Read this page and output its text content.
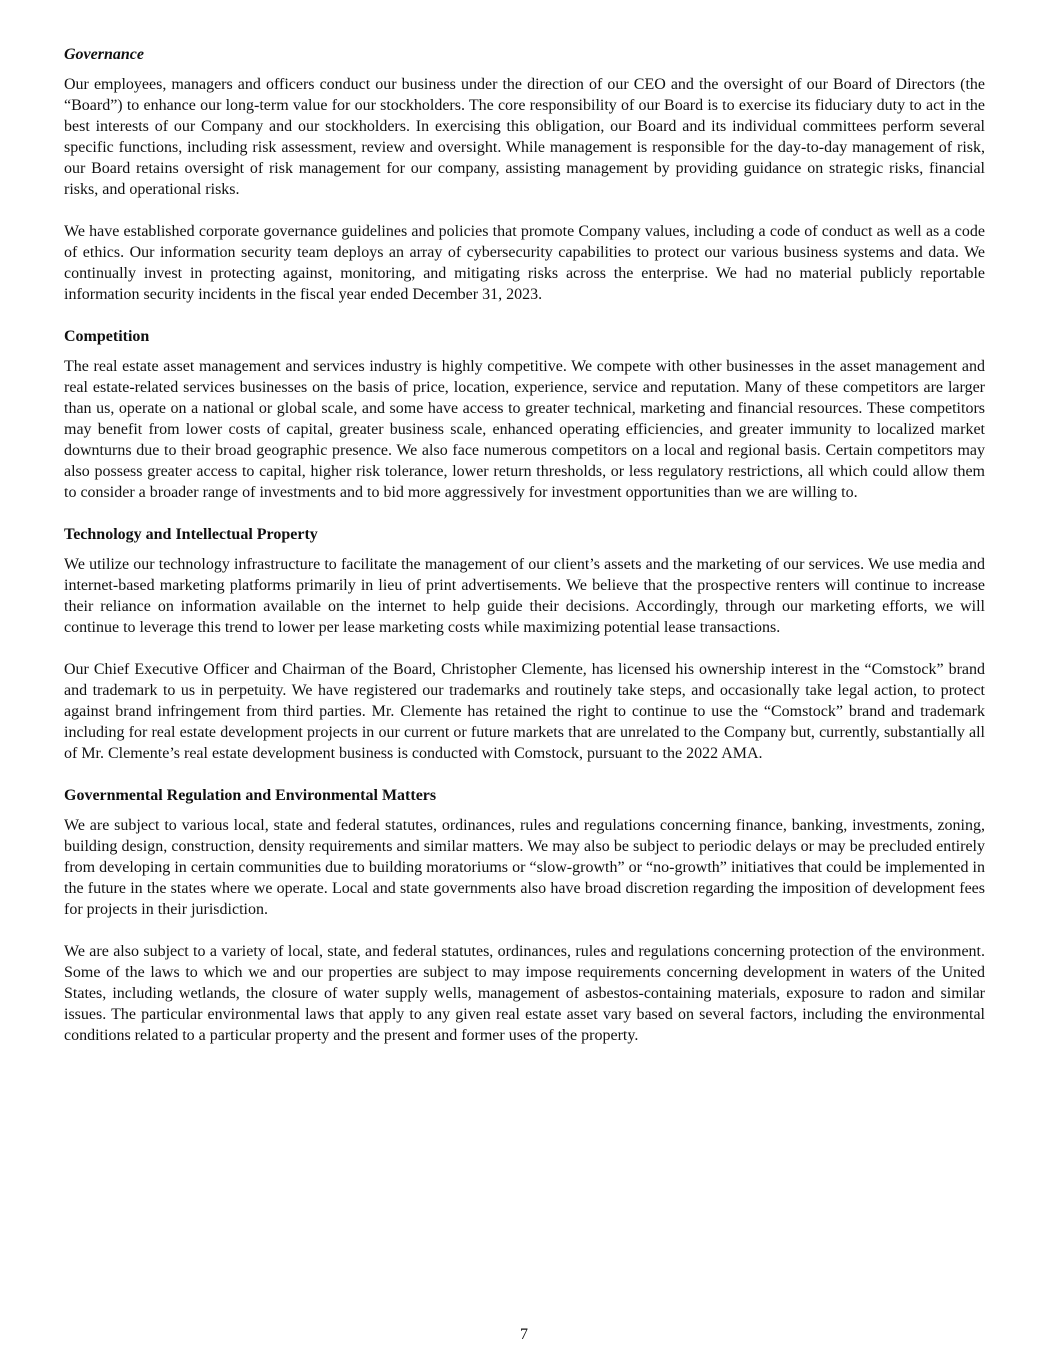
Governance

Our employees, managers and officers conduct our business under the direction of our CEO and the oversight of our Board of Directors (the “Board”) to enhance our long-term value for our stockholders. The core responsibility of our Board is to exercise its fiduciary duty to act in the best interests of our Company and our stockholders. In exercising this obligation, our Board and its individual committees perform several specific functions, including risk assessment, review and oversight. While management is responsible for the day-to-day management of risk, our Board retains oversight of risk management for our company, assisting management by providing guidance on strategic risks, financial risks, and operational risks.

We have established corporate governance guidelines and policies that promote Company values, including a code of conduct as well as a code of ethics. Our information security team deploys an array of cybersecurity capabilities to protect our various business systems and data. We continually invest in protecting against, monitoring, and mitigating risks across the enterprise. We had no material publicly reportable information security incidents in the fiscal year ended December 31, 2023.

Competition

The real estate asset management and services industry is highly competitive. We compete with other businesses in the asset management and real estate-related services businesses on the basis of price, location, experience, service and reputation. Many of these competitors are larger than us, operate on a national or global scale, and some have access to greater technical, marketing and financial resources. These competitors may benefit from lower costs of capital, greater business scale, enhanced operating efficiencies, and greater immunity to localized market downturns due to their broad geographic presence. We also face numerous competitors on a local and regional basis. Certain competitors may also possess greater access to capital, higher risk tolerance, lower return thresholds, or less regulatory restrictions, all which could allow them to consider a broader range of investments and to bid more aggressively for investment opportunities than we are willing to.

Technology and Intellectual Property

We utilize our technology infrastructure to facilitate the management of our client’s assets and the marketing of our services. We use media and internet-based marketing platforms primarily in lieu of print advertisements. We believe that the prospective renters will continue to increase their reliance on information available on the internet to help guide their decisions. Accordingly, through our marketing efforts, we will continue to leverage this trend to lower per lease marketing costs while maximizing potential lease transactions.

Our Chief Executive Officer and Chairman of the Board, Christopher Clemente, has licensed his ownership interest in the “Comstock” brand and trademark to us in perpetuity. We have registered our trademarks and routinely take steps, and occasionally take legal action, to protect against brand infringement from third parties. Mr. Clemente has retained the right to continue to use the “Comstock” brand and trademark including for real estate development projects in our current or future markets that are unrelated to the Company but, currently, substantially all of Mr. Clemente’s real estate development business is conducted with Comstock, pursuant to the 2022 AMA.

Governmental Regulation and Environmental Matters

We are subject to various local, state and federal statutes, ordinances, rules and regulations concerning finance, banking, investments, zoning, building design, construction, density requirements and similar matters. We may also be subject to periodic delays or may be precluded entirely from developing in certain communities due to building moratoriums or “slow-growth” or “no-growth” initiatives that could be implemented in the future in the states where we operate. Local and state governments also have broad discretion regarding the imposition of development fees for projects in their jurisdiction.

We are also subject to a variety of local, state, and federal statutes, ordinances, rules and regulations concerning protection of the environment. Some of the laws to which we and our properties are subject to may impose requirements concerning development in waters of the United States, including wetlands, the closure of water supply wells, management of asbestos-containing materials, exposure to radon and similar issues. The particular environmental laws that apply to any given real estate asset vary based on several factors, including the environmental conditions related to a particular property and the present and former uses of the property.

7
